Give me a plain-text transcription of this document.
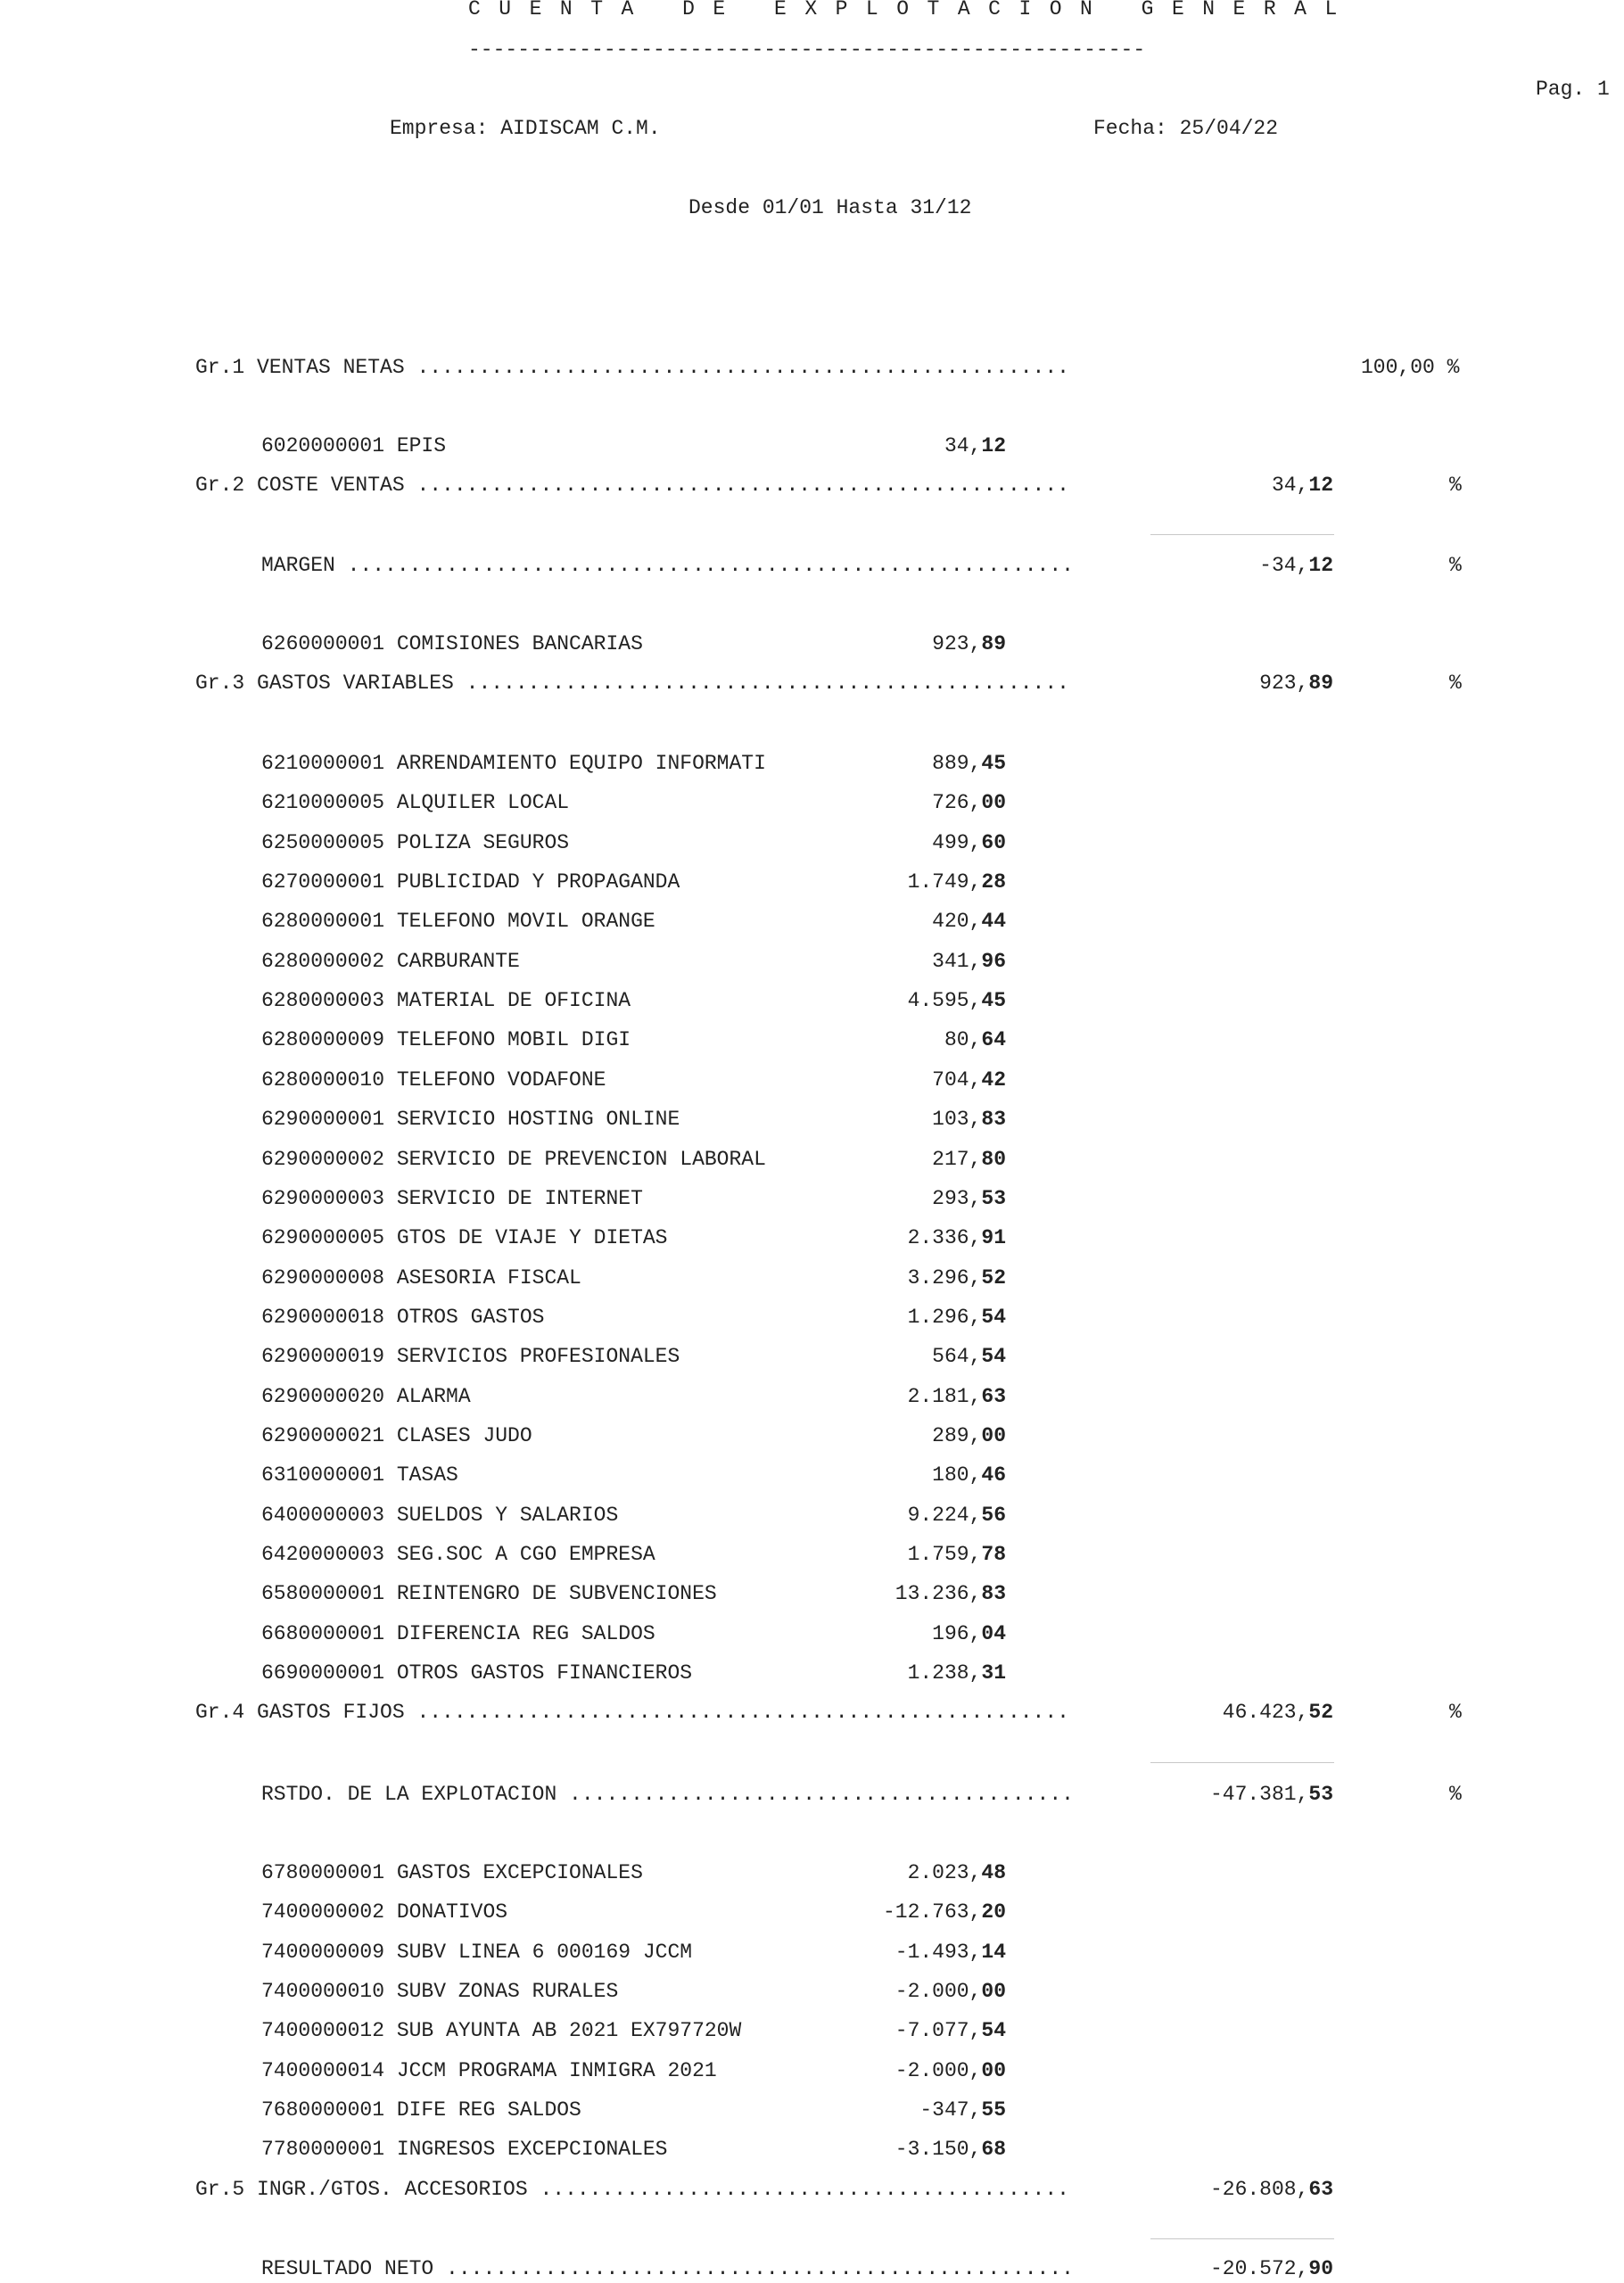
CUENTA DE EXPLOTACION GENERAL
-------------------------------------------------------
Pag. 1
Empresa: AIDISCAM C.M.	Fecha: 25/04/22
Desde 01/01 Hasta 31/12
Gr.1 VENTAS NETAS .....................................................	100,00 %
6020000001 EPIS	34,12
Gr.2 COSTE VENTAS .....................................................	34,12	%
MARGEN ...........................................................	-34,12	%
6260000001 COMISIONES BANCARIAS	923,89
Gr.3 GASTOS VARIABLES .................................................	923,89	%
6210000001 ARRENDAMIENTO EQUIPO INFORMATI	889,45
6210000005 ALQUILER LOCAL	726,00
6250000005 POLIZA SEGUROS	499,60
6270000001 PUBLICIDAD Y PROPAGANDA	1.749,28
6280000001 TELEFONO MOVIL ORANGE	420,44
6280000002 CARBURANTE	341,96
6280000003 MATERIAL DE OFICINA	4.595,45
6280000009 TELEFONO MOBIL DIGI	80,64
6280000010 TELEFONO VODAFONE	704,42
6290000001 SERVICIO HOSTING ONLINE	103,83
6290000002 SERVICIO DE PREVENCION LABORAL	217,80
6290000003 SERVICIO DE INTERNET	293,53
6290000005 GTOS DE VIAJE Y DIETAS	2.336,91
6290000008 ASESORIA FISCAL	3.296,52
6290000018 OTROS GASTOS	1.296,54
6290000019 SERVICIOS PROFESIONALES	564,54
6290000020 ALARMA	2.181,63
6290000021 CLASES JUDO	289,00
6310000001 TASAS	180,46
6400000003 SUELDOS Y SALARIOS	9.224,56
6420000003 SEG.SOC A CGO EMPRESA	1.759,78
6580000001 REINTENGRO DE SUBVENCIONES	13.236,83
6680000001 DIFERENCIA REG SALDOS	196,04
6690000001 OTROS GASTOS FINANCIEROS	1.238,31
Gr.4 GASTOS FIJOS .....................................................	46.423,52	%
RSTDO. DE LA EXPLOTACION .........................................	-47.381,53	%
6780000001 GASTOS EXCEPCIONALES	2.023,48
7400000002 DONATIVOS	-12.763,20
7400000009 SUBV LINEA 6 000169 JCCM	-1.493,14
7400000010 SUBV ZONAS RURALES	-2.000,00
7400000012 SUB AYUNTA AB 2021 EX797720W	-7.077,54
7400000014 JCCM PROGRAMA INMIGRA 2021	-2.000,00
7680000001 DIFE REG SALDOS	-347,55
7780000001 INGRESOS EXCEPCIONALES	-3.150,68
Gr.5 INGR./GTOS. ACCESORIOS ...........................................	-26.808,63
RESULTADO NETO ...................................................	-20.572,90
